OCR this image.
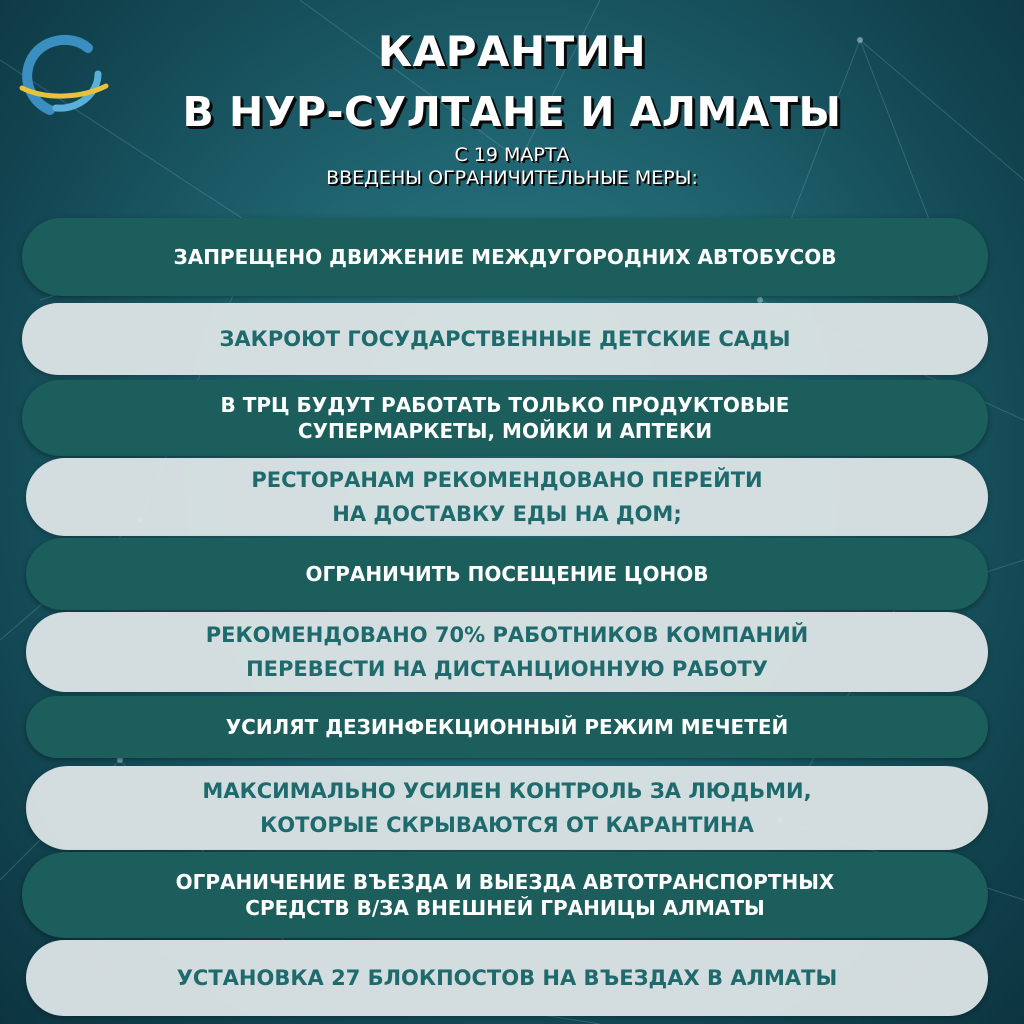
КАРАНТИН
В НУР-СУЛТАНЕ И АЛМАТЫ

С 19 МАРТА

ВВЕДЕНЫ ОГРАНИЧИТЕЛЬНЫЕ МЕРЫ:

ЗАПРЕЩЕНО ДВИЖЕНИЕ МЕЖДУГОРОДНИХ АВТОБУСОВ
ЗАКРОЮТ ГОСУДАРСТВЕННЫЕ ДЕТСКИЕ САДЫ
В ТРЦ БУДУТ РАБОТАТЬ ТОЛЬКО ПРОДУКТОВЫЕ
СУПЕРМАРКЕТЫ, МОЙКИ И АПТЕКИ
РЕСТОРАНАМ РЕКОМЕНДОВАНО ПЕРЕЙТИ
НА ДОСТАВКУ ЕДЫ НА ДОМ;
ОГРАНИЧИТЬ ПОСЕЩЕНИЕ ЦОНОВ
РЕКОМЕНДОВАНО 70% РАБОТНИКОВ КОМПАНИЙ
ПЕРЕВЕСТИ НА ДИСТАНЦИОННУЮ РАБОТУ
УСИЛЯТ ДЕЗИНФЕКЦИОННЫЙ РЕЖИМ МЕЧЕТЕЙ
МАКСИМАЛЬНО УСИЛЕН КОНТРОЛЬ ЗА ЛЮДЬМИ,
КОТОРЫЕ СКРЫВАЮТСЯ ОТ КАРАНТИНА
ОГРАНИЧЕНИЕ ВЪЕЗДА И ВЫЕЗДА АВТОТРАНСПОРТНЫХ
СРЕДСТВ В/ЗА ВНЕШНЕЙ ГРАНИЦЫ АЛМАТЫ
УСТАНОВКА 27 БЛОКПОСТОВ НА ВЪЕЗДАХ В АЛМАТЫ
